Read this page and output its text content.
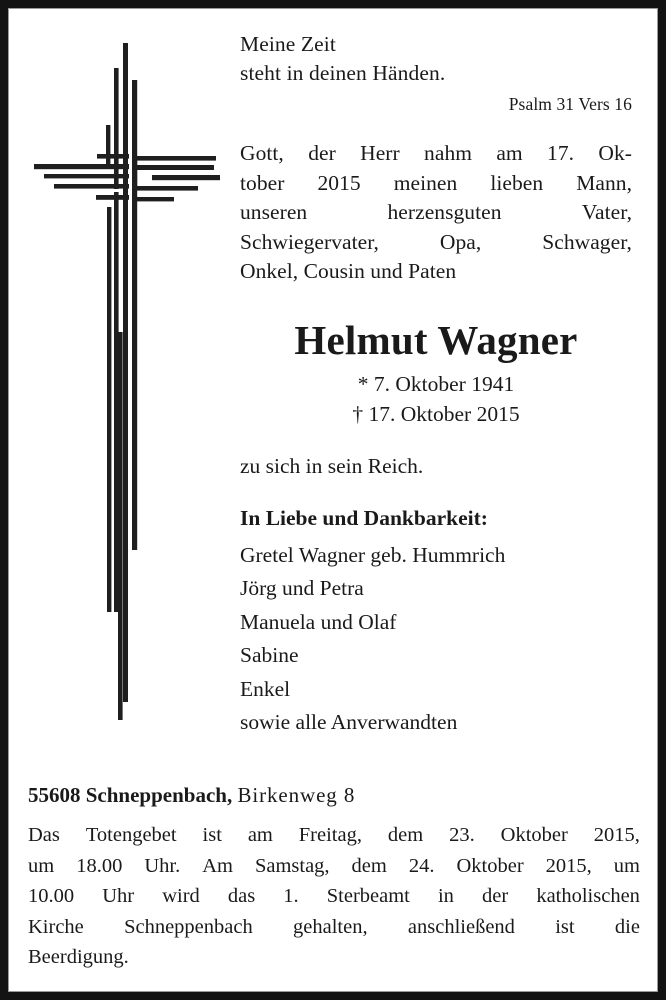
Meine Zeit
steht in deinen Händen.
Psalm 31 Vers 16
Gott, der Herr nahm am 17. Ok-
tober 2015 meinen lieben Mann,
unseren	herzensguten	Vater,
Schwiegervater,	Opa,	Schwager,
Onkel, Cousin und Paten
Helmut Wagner
* 7. Oktober 1941
† 17. Oktober 2015
zu sich in sein Reich.
In Liebe und Dankbarkeit:
Gretel Wagner geb. Hummrich
Jörg und Petra
Manuela und Olaf
Sabine
Enkel
sowie alle Anverwandten
55608 Schneppenbach, Birkenweg 8
Das Totengebet ist am Freitag, dem 23. Oktober 2015,
um 18.00 Uhr. Am Samstag, dem 24. Oktober 2015, um
10.00 Uhr wird das 1. Sterbeamt in der katholischen
Kirche Schneppenbach gehalten, anschließend ist die
Beerdigung.
